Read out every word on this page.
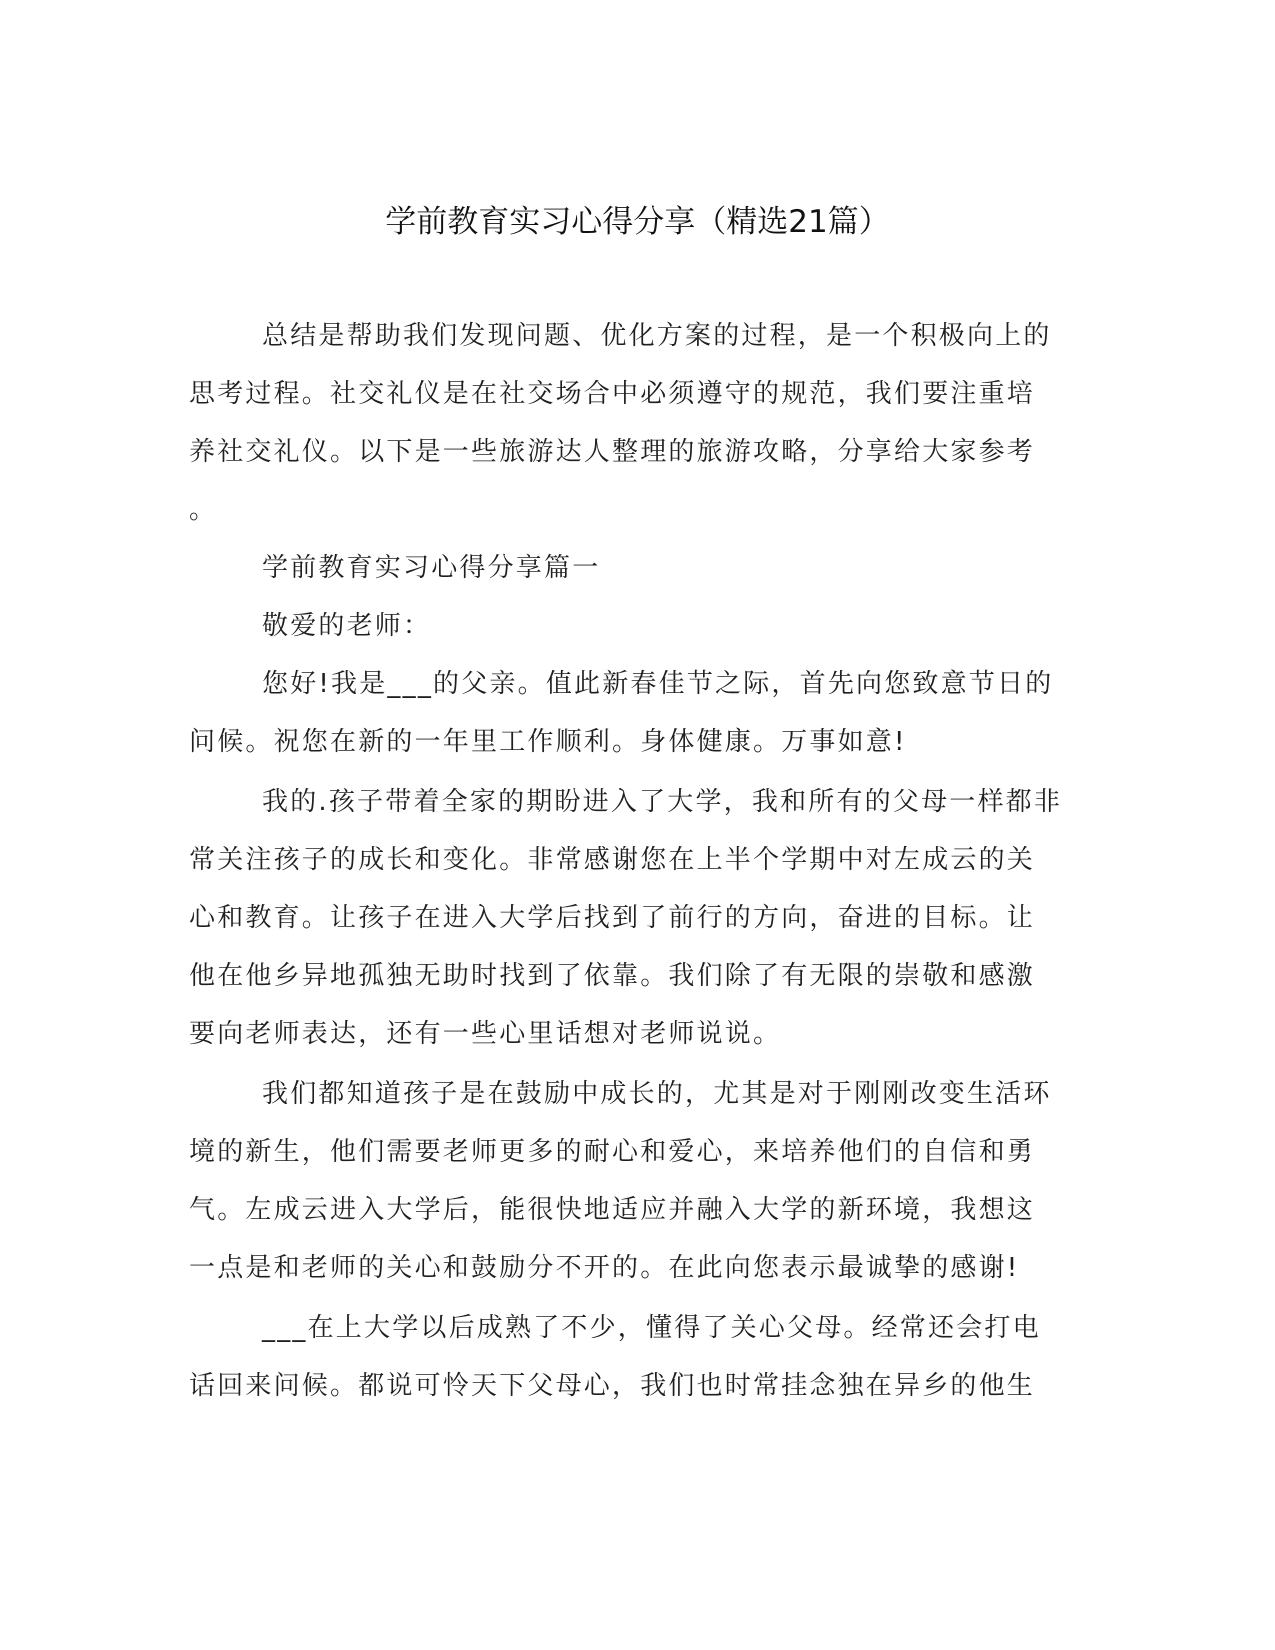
学前教育实习心得分享（精选21篇）
总结是帮助我们发现问题、优化方案的过程，是一个积极向上的
思考过程。社交礼仪是在社交场合中必须遵守的规范，我们要注重培
养社交礼仪。以下是一些旅游达人整理的旅游攻略，分享给大家参考
。
学前教育实习心得分享篇一
敬爱的老师：
您好!我是___的父亲。值此新春佳节之际，首先向您致意节日的
问候。祝您在新的一年里工作顺利。身体健康。万事如意!
我的.孩子带着全家的期盼进入了大学，我和所有的父母一样都非
常关注孩子的成长和变化。非常感谢您在上半个学期中对左成云的关
心和教育。让孩子在进入大学后找到了前行的方向，奋进的目标。让
他在他乡异地孤独无助时找到了依靠。我们除了有无限的崇敬和感激
要向老师表达，还有一些心里话想对老师说说。
我们都知道孩子是在鼓励中成长的，尤其是对于刚刚改变生活环
境的新生，他们需要老师更多的耐心和爱心，来培养他们的自信和勇
气。左成云进入大学后，能很快地适应并融入大学的新环境，我想这
一点是和老师的关心和鼓励分不开的。在此向您表示最诚挚的感谢!
___在上大学以后成熟了不少，懂得了关心父母。经常还会打电
话回来问候。都说可怜天下父母心，我们也时常挂念独在异乡的他生
